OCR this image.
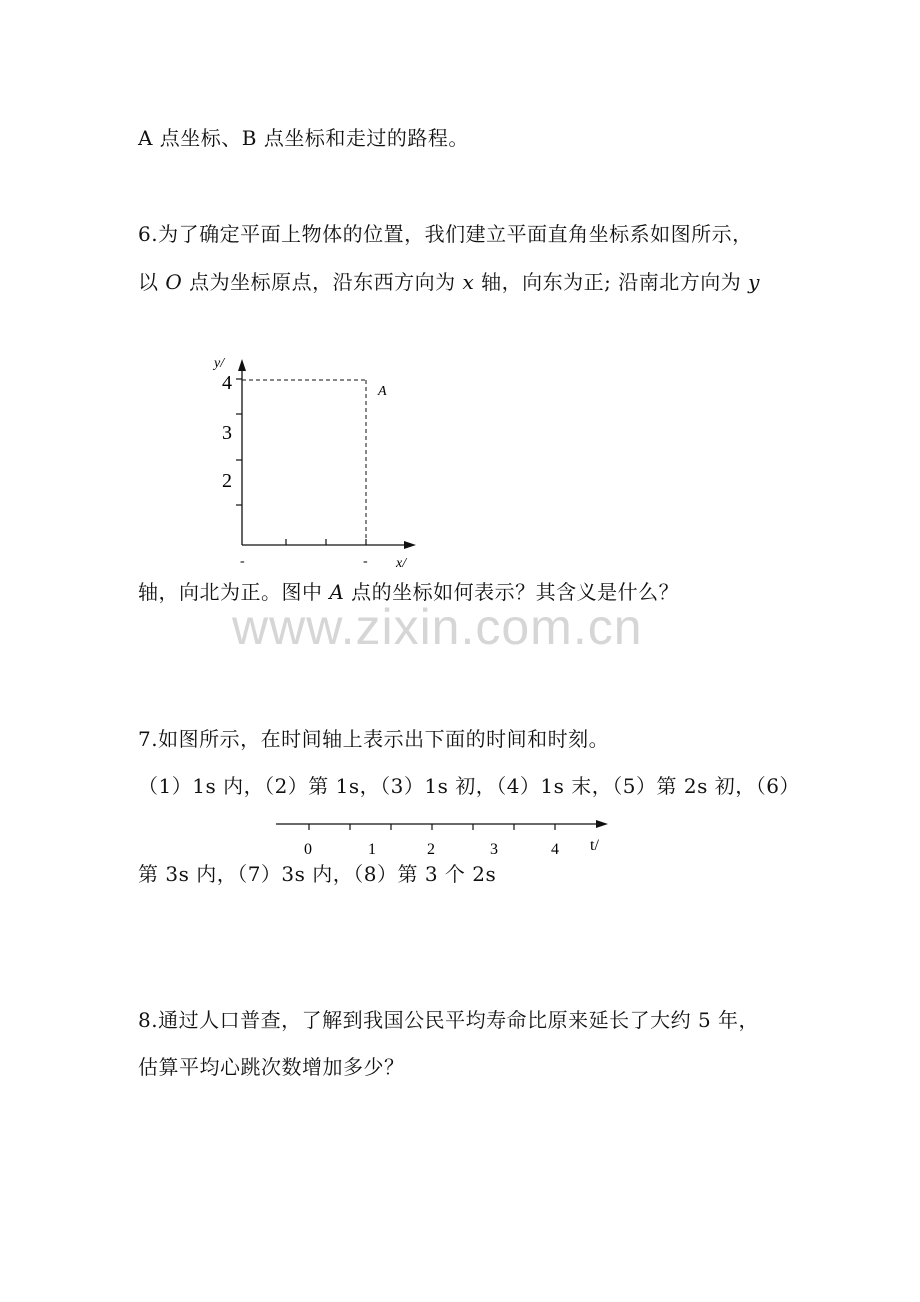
A 点坐标、B 点坐标和走过的路程。
6.为了确定平面上物体的位置，我们建立平面直角坐标系如图所示，
以 O 点为坐标原点，沿东西方向为 x 轴，向东为正; 沿南北方向为 y
4
3
2
y/
x/
A
-	-
轴，向北为正。图中 A 点的坐标如何表示？其含义是什么？
www.zixin.com.cn
7.如图所示，在时间轴上表示出下面的时间和时刻。
（1）1s 内，（2）第 1s，（3）1s 初，（4）1s 末，（5）第 2s 初，（6）
0	1	2	3	4 t/
第 3s 内，（7）3s 内，（8）第 3 个 2s
8.通过人口普查，了解到我国公民平均寿命比原来延长了大约 5 年，
估算平均心跳次数增加多少？
